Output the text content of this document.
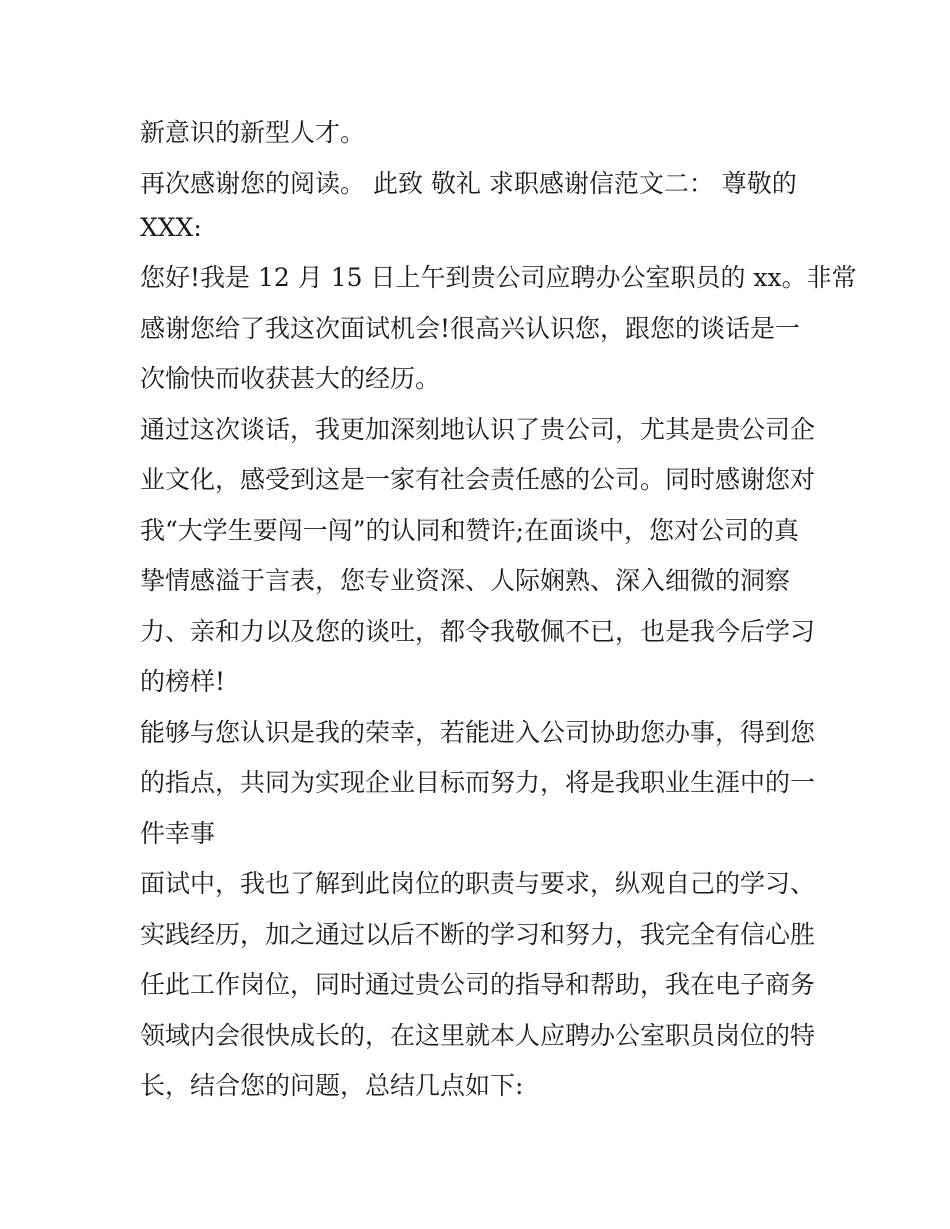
新意识的新型人才。
再次感谢您的阅读。 此致 敬礼 求职感谢信范文二： 尊敬的
XXX:
您好!我是 12 月 15 日上午到贵公司应聘办公室职员的 xx。非常
感谢您给了我这次面试机会!很高兴认识您，跟您的谈话是一
次愉快而收获甚大的经历。
通过这次谈话，我更加深刻地认识了贵公司，尤其是贵公司企
业文化，感受到这是一家有社会责任感的公司。同时感谢您对
我“大学生要闯一闯”的认同和赞许;在面谈中，您对公司的真
挚情感溢于言表，您专业资深、人际娴熟、深入细微的洞察
力、亲和力以及您的谈吐，都令我敬佩不已，也是我今后学习
的榜样!
能够与您认识是我的荣幸，若能进入公司协助您办事，得到您
的指点，共同为实现企业目标而努力，将是我职业生涯中的一
件幸事
面试中，我也了解到此岗位的职责与要求，纵观自己的学习、
实践经历，加之通过以后不断的学习和努力，我完全有信心胜
任此工作岗位，同时通过贵公司的指导和帮助，我在电子商务
领域内会很快成长的，在这里就本人应聘办公室职员岗位的特
长，结合您的问题，总结几点如下:
